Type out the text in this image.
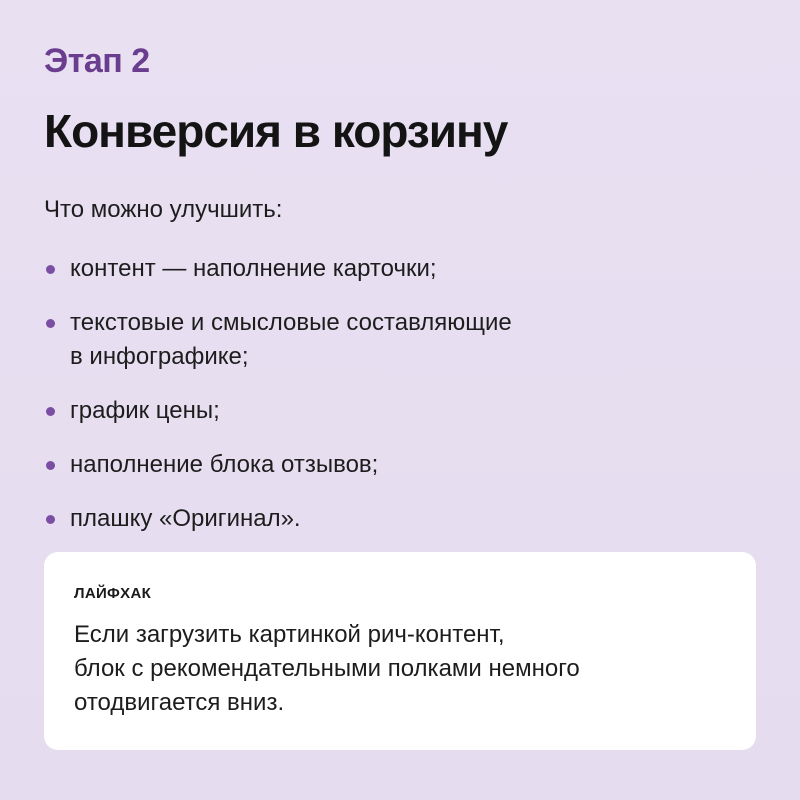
Этап 2
Конверсия в корзину
Что можно улучшить:
контент — наполнение карточки;
текстовые и смысловые составляющие
в инфографике;
график цены;
наполнение блока отзывов;
плашку «Оригинал».
ЛАЙФХАК
Если загрузить картинкой рич-контент,
блок с рекомендательными полками немного
отодвигается вниз.
